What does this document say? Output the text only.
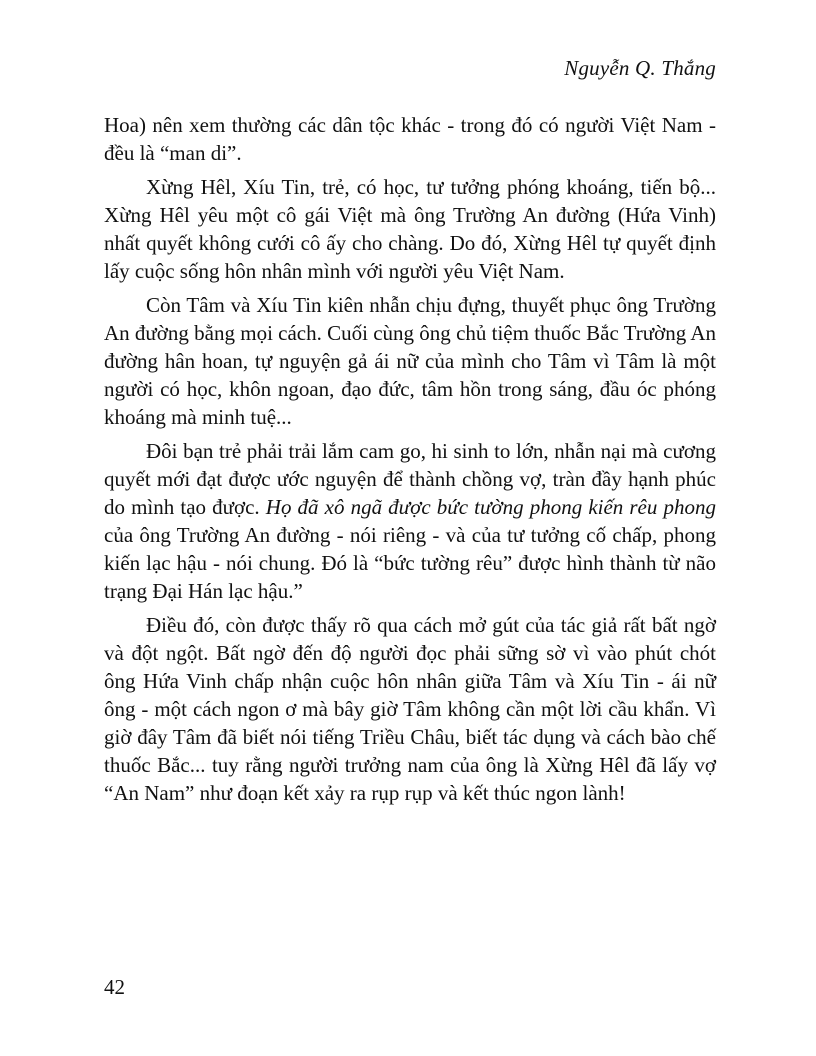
Nguyễn Q. Thắng

Hoa) nên xem thường các dân tộc khác - trong đó có người Việt Nam - đều là “man di”.

Xừng Hêl, Xíu Tin, trẻ, có học, tư tưởng phóng khoáng, tiến bộ... Xừng Hêl yêu một cô gái Việt mà ông Trường An đường (Hứa Vinh) nhất quyết không cưới cô ấy cho chàng. Do đó, Xừng Hêl tự quyết định lấy cuộc sống hôn nhân mình với người yêu Việt Nam.

Còn Tâm và Xíu Tin kiên nhẫn chịu đựng, thuyết phục ông Trường An đường bằng mọi cách. Cuối cùng ông chủ tiệm thuốc Bắc Trường An đường hân hoan, tự nguyện gả ái nữ của mình cho Tâm vì Tâm là một người có học, khôn ngoan, đạo đức, tâm hồn trong sáng, đầu óc phóng khoáng mà minh tuệ...

Đôi bạn trẻ phải trải lắm cam go, hi sinh to lớn, nhẫn nại mà cương quyết mới đạt được ước nguyện để thành chồng vợ, tràn đầy hạnh phúc do mình tạo được. Họ đã xô ngã được bức tường phong kiến rêu phong của ông Trường An đường - nói riêng - và của tư tưởng cố chấp, phong kiến lạc hậu - nói chung. Đó là “bức tường rêu” được hình thành từ não trạng Đại Hán lạc hậu.”

Điều đó, còn được thấy rõ qua cách mở gút của tác giả rất bất ngờ và đột ngột. Bất ngờ đến độ người đọc phải sững sờ vì vào phút chót ông Hứa Vinh chấp nhận cuộc hôn nhân giữa Tâm và Xíu Tin - ái nữ ông - một cách ngon ơ mà bây giờ Tâm không cần một lời cầu khẩn. Vì giờ đây Tâm đã biết nói tiếng Triều Châu, biết tác dụng và cách bào chế thuốc Bắc... tuy rằng người trưởng nam của ông là Xừng Hêl đã lấy vợ “An Nam” như đoạn kết xảy ra rụp rụp và kết thúc ngon lành!

42
